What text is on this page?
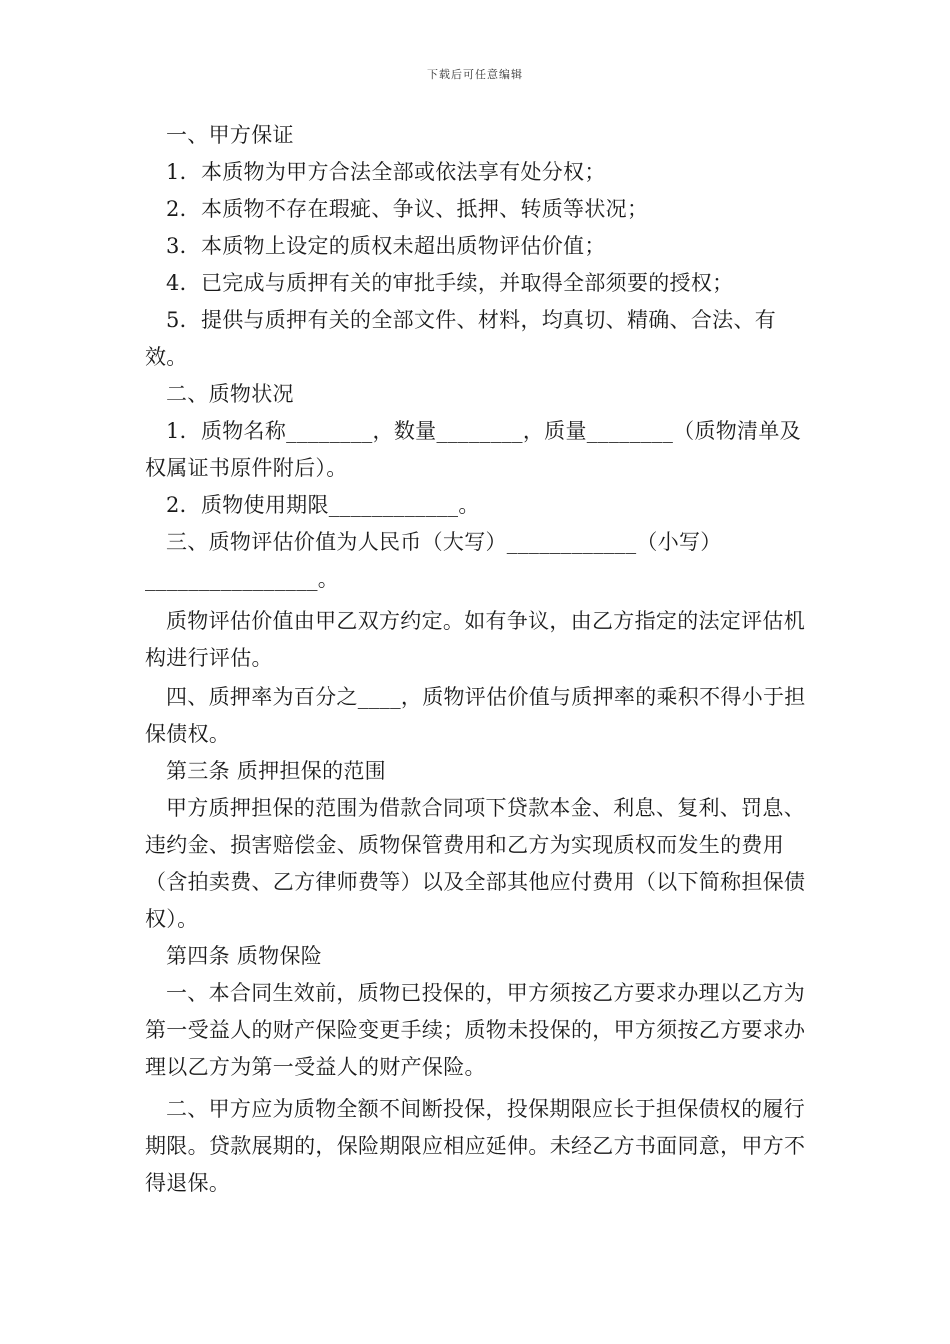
下载后可任意编辑

一、甲方保证

1．本质物为甲方合法全部或依法享有处分权；

2．本质物不存在瑕疵、争议、抵押、转质等状况；

3．本质物上设定的质权未超出质物评估价值；

4．已完成与质押有关的审批手续，并取得全部须要的授权；

5．提供与质押有关的全部文件、材料，均真切、精确、合法、有效。

二、质物状况

1．质物名称________，数量________，质量________（质物清单及权属证书原件附后）。

2．质物使用期限____________。

三、质物评估价值为人民币（大写）____________（小写）________________。

质物评估价值由甲乙双方约定。如有争议，由乙方指定的法定评估机构进行评估。

四、质押率为百分之____，质物评估价值与质押率的乘积不得小于担保债权。

第三条 质押担保的范围

甲方质押担保的范围为借款合同项下贷款本金、利息、复利、罚息、违约金、损害赔偿金、质物保管费用和乙方为实现质权而发生的费用（含拍卖费、乙方律师费等）以及全部其他应付费用（以下简称担保债权）。

第四条 质物保险

一、本合同生效前，质物已投保的，甲方须按乙方要求办理以乙方为第一受益人的财产保险变更手续；质物未投保的，甲方须按乙方要求办理以乙方为第一受益人的财产保险。

二、甲方应为质物全额不间断投保，投保期限应长于担保债权的履行期限。贷款展期的，保险期限应相应延伸。未经乙方书面同意，甲方不得退保。
